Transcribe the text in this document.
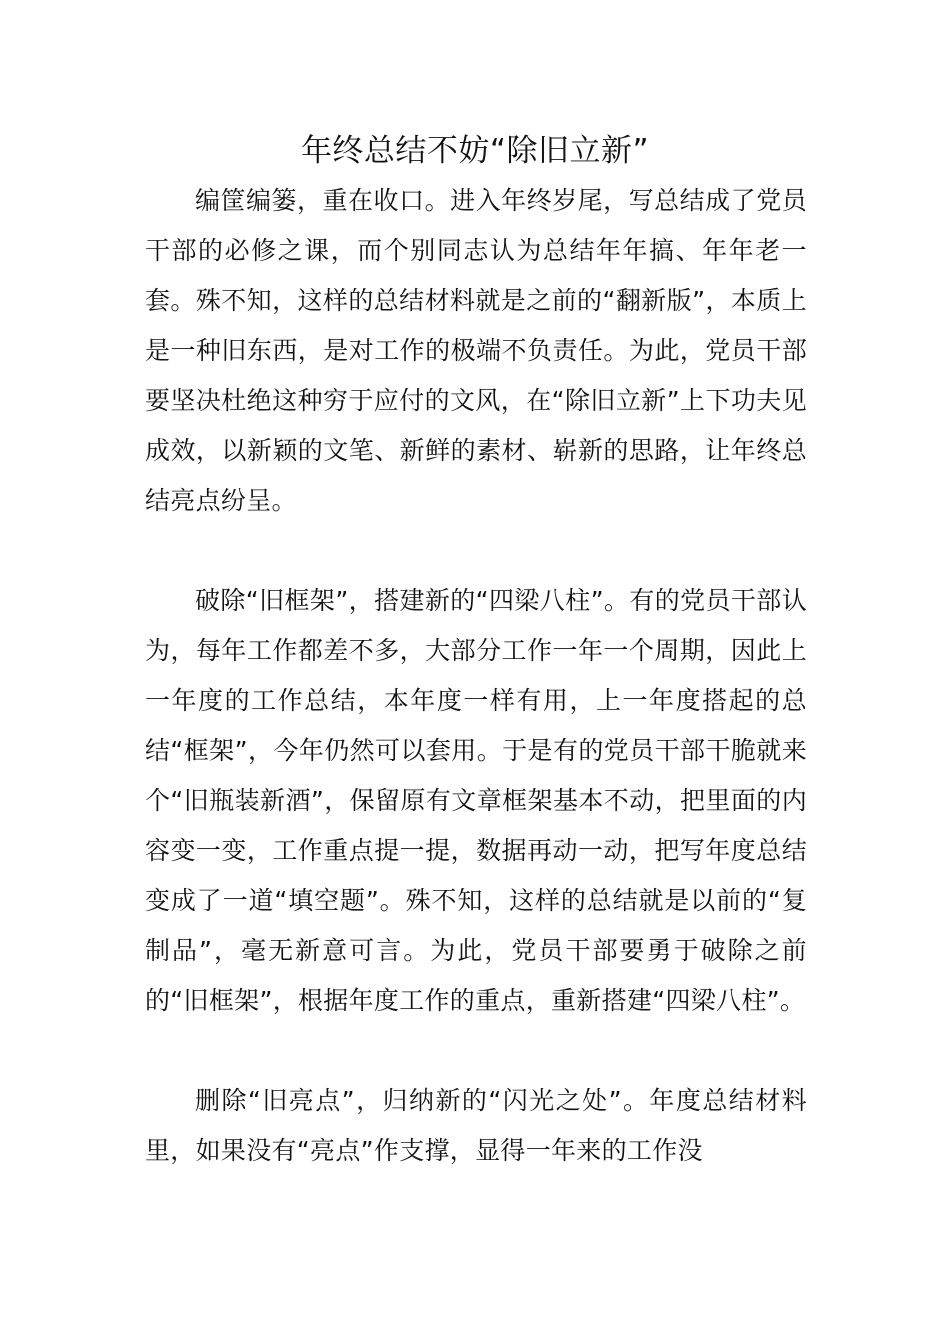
年终总结不妨“除旧立新”

编筐编篓，重在收口。进入年终岁尾，写总结成了党员干部的必修之课，而个别同志认为总结年年搞、年年老一套。殊不知，这样的总结材料就是之前的“翻新版”，本质上是一种旧东西，是对工作的极端不负责任。为此，党员干部要坚决杜绝这种穷于应付的文风，在“除旧立新”上下功夫见成效，以新颖的文笔、新鲜的素材、崭新的思路，让年终总结亮点纷呈。

破除“旧框架”，搭建新的“四梁八柱”。有的党员干部认为，每年工作都差不多，大部分工作一年一个周期，因此上一年度的工作总结，本年度一样有用，上一年度搭起的总结“框架”，今年仍然可以套用。于是有的党员干部干脆就来个“旧瓶装新酒”，保留原有文章框架基本不动，把里面的内容变一变，工作重点提一提，数据再动一动，把写年度总结变成了一道“填空题”。殊不知，这样的总结就是以前的“复制品”，毫无新意可言。为此，党员干部要勇于破除之前的“旧框架”，根据年度工作的重点，重新搭建“四梁八柱”。

删除“旧亮点”，归纳新的“闪光之处”。年度总结材料里，如果没有“亮点”作支撑，显得一年来的工作没
